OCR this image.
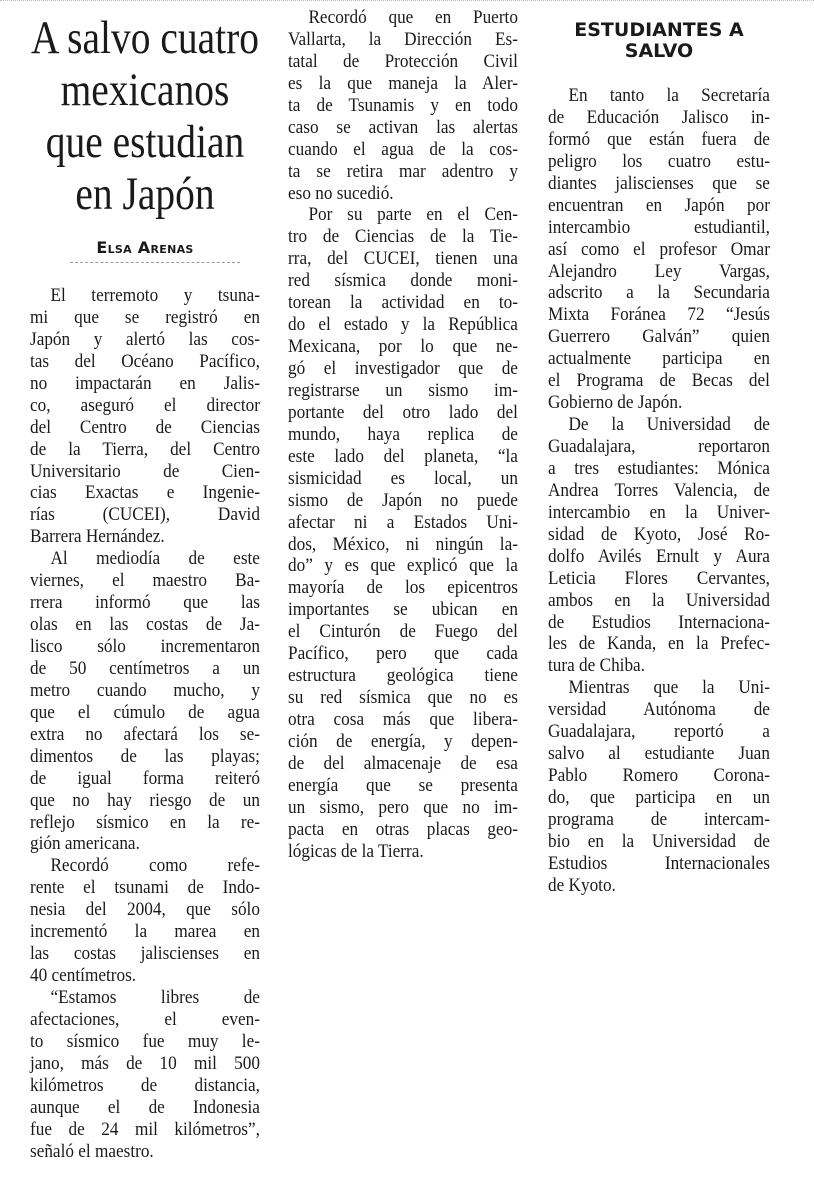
A salvo cuatro
mexicanos
que estudian
en Japón
Elsa Arenas
ESTUDIANTES A
SALVO
El terremoto y tsuna-
mi que se registró en
Japón y alertó las cos-
tas del Océano Pacífico,
no impactarán en Jalis-
co, aseguró el director
del Centro de Ciencias
de la Tierra, del Centro
Universitario de Cien-
cias Exactas e Ingenie-
rías (CUCEI), David
Barrera Hernández.
Al mediodía de este
viernes, el maestro Ba-
rrera informó que las
olas en las costas de Ja-
lisco sólo incrementaron
de 50 centímetros a un
metro cuando mucho, y
que el cúmulo de agua
extra no afectará los se-
dimentos de las playas;
de igual forma reiteró
que no hay riesgo de un
reflejo sísmico en la re-
gión americana.
Recordó como refe-
rente el tsunami de Indo-
nesia del 2004, que sólo
incrementó la marea en
las costas jaliscienses en
40 centímetros.
“Estamos libres de
afectaciones, el even-
to sísmico fue muy le-
jano, más de 10 mil 500
kilómetros de distancia,
aunque el de Indonesia
fue de 24 mil kilómetros”,
señaló el maestro.
Recordó que en Puerto
Vallarta, la Dirección Es-
tatal de Protección Civil
es la que maneja la Aler-
ta de Tsunamis y en todo
caso se activan las alertas
cuando el agua de la cos-
ta se retira mar adentro y
eso no sucedió.
Por su parte en el Cen-
tro de Ciencias de la Tie-
rra, del CUCEI, tienen una
red sísmica donde moni-
torean la actividad en to-
do el estado y la República
Mexicana, por lo que ne-
gó el investigador que de
registrarse un sismo im-
portante del otro lado del
mundo, haya replica de
este lado del planeta, “la
sismicidad es local, un
sismo de Japón no puede
afectar ni a Estados Uni-
dos, México, ni ningún la-
do” y es que explicó que la
mayoría de los epicentros
importantes se ubican en
el Cinturón de Fuego del
Pacífico, pero que cada
estructura geológica tiene
su red sísmica que no es
otra cosa más que libera-
ción de energía, y depen-
de del almacenaje de esa
energía que se presenta
un sismo, pero que no im-
pacta en otras placas geo-
lógicas de la Tierra.
En tanto la Secretaría
de Educación Jalisco in-
formó que están fuera de
peligro los cuatro estu-
diantes jaliscienses que se
encuentran en Japón por
intercambio estudiantil,
así como el profesor Omar
Alejandro Ley Vargas,
adscrito a la Secundaria
Mixta Foránea 72 “Jesús
Guerrero Galván” quien
actualmente participa en
el Programa de Becas del
Gobierno de Japón.
De la Universidad de
Guadalajara, reportaron
a tres estudiantes: Mónica
Andrea Torres Valencia, de
intercambio en la Univer-
sidad de Kyoto, José Ro-
dolfo Avilés Ernult y Aura
Leticia Flores Cervantes,
ambos en la Universidad
de Estudios Internaciona-
les de Kanda, en la Prefec-
tura de Chiba.
Mientras que la Uni-
versidad Autónoma de
Guadalajara, reportó a
salvo al estudiante Juan
Pablo Romero Corona-
do, que participa en un
programa de intercam-
bio en la Universidad de
Estudios Internacionales
de Kyoto.
